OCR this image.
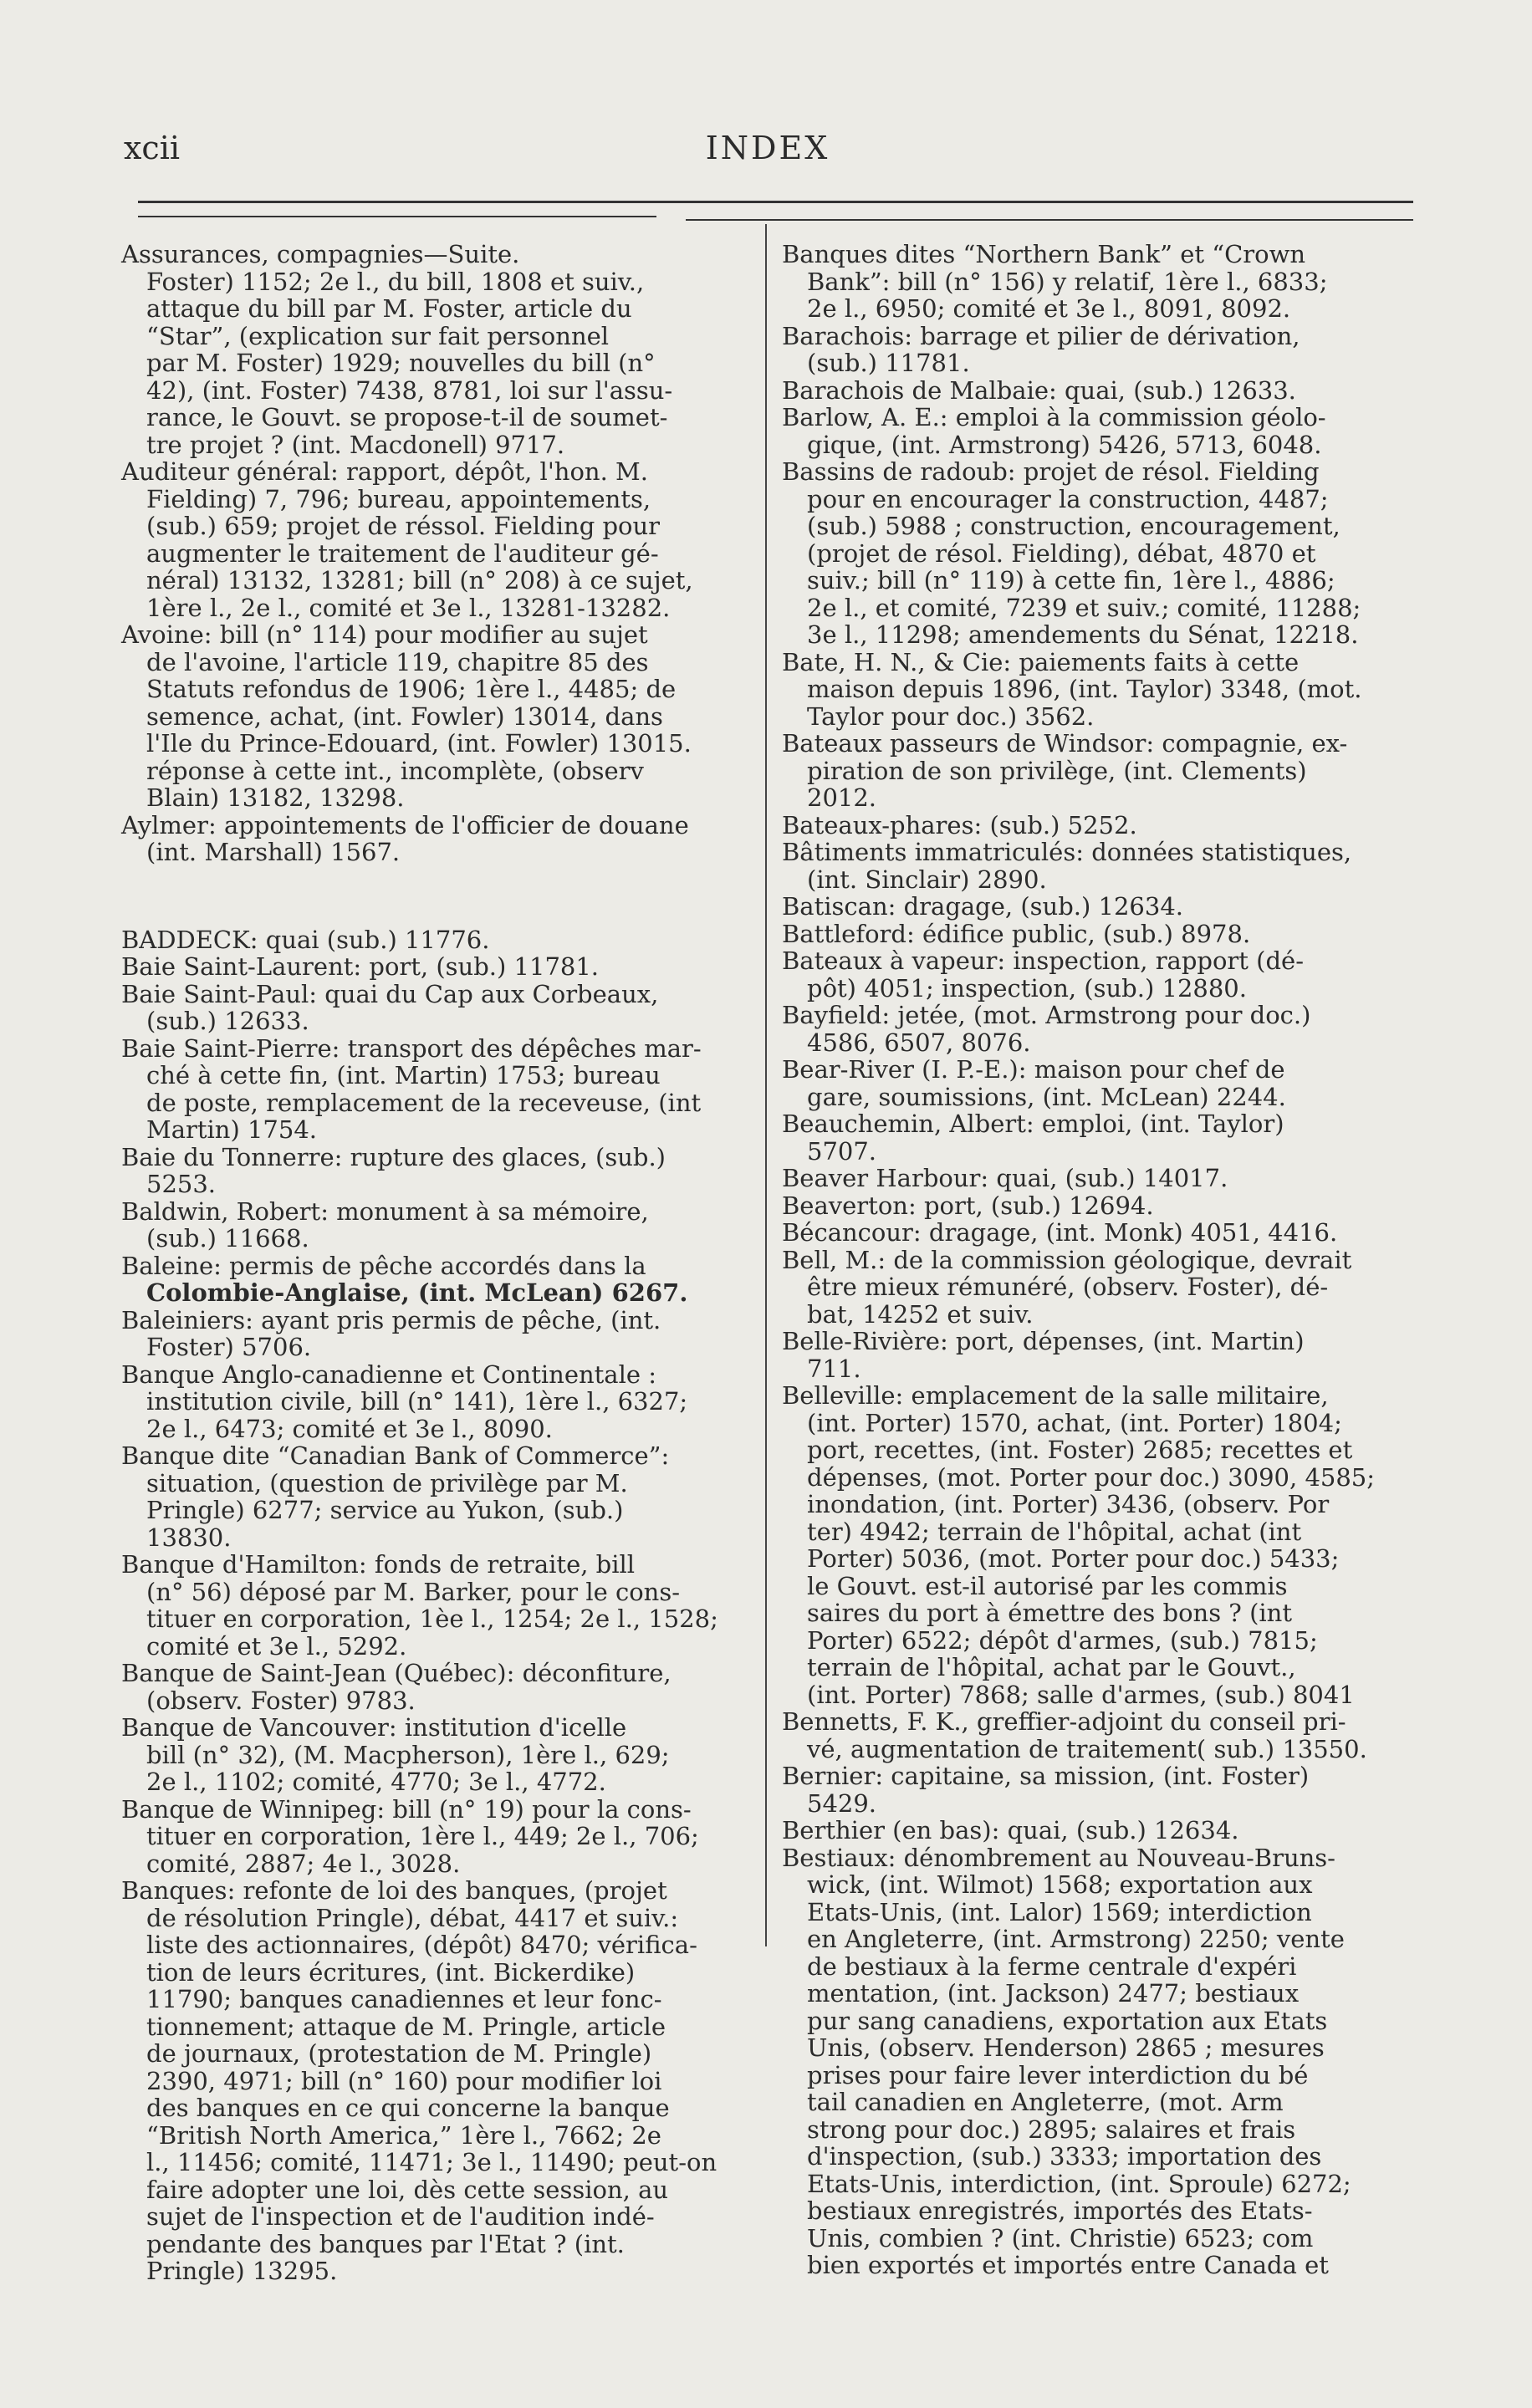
xcii	INDEX
Assurances, compagnies—Suite.
Foster) 1152; 2e l., du bill, 1808 et suiv.,
attaque du bill par M. Foster, article du
“Star”, (explication sur fait personnel
par M. Foster) 1929; nouvelles du bill (n°
42), (int. Foster) 7438, 8781, loi sur l'assu-
rance, le Gouvt. se propose-t-il de soumet-
tre projet ? (int. Macdonell) 9717.
Auditeur général: rapport, dépôt, l'hon. M.
Fielding) 7, 796; bureau, appointements,
(sub.) 659; projet de réssol. Fielding pour
augmenter le traitement de l'auditeur gé-
néral) 13132, 13281; bill (n° 208) à ce sujet,
1ère l., 2e l., comité et 3e l., 13281-13282.
Avoine: bill (n° 114) pour modifier au sujet
de l'avoine, l'article 119, chapitre 85 des
Statuts refondus de 1906; 1ère l., 4485; de
semence, achat, (int. Fowler) 13014, dans
l'Ile du Prince-Edouard, (int. Fowler) 13015.
réponse à cette int., incomplète, (observ
Blain) 13182, 13298.
Aylmer: appointements de l'officier de douane
(int. Marshall) 1567.
BADDECK: quai (sub.) 11776.
Baie Saint-Laurent: port, (sub.) 11781.
Baie Saint-Paul: quai du Cap aux Corbeaux,
(sub.) 12633.
Baie Saint-Pierre: transport des dépêches mar-
ché à cette fin, (int. Martin) 1753; bureau
de poste, remplacement de la receveuse, (int
Martin) 1754.
Baie du Tonnerre: rupture des glaces, (sub.)
5253.
Baldwin, Robert: monument à sa mémoire,
(sub.) 11668.
Baleine: permis de pêche accordés dans la
Colombie-Anglaise, (int. McLean) 6267.
Baleiniers: ayant pris permis de pêche, (int.
Foster) 5706.
Banque Anglo-canadienne et Continentale :
institution civile, bill (n° 141), 1ère l., 6327;
2e l., 6473; comité et 3e l., 8090.
Banque dite “Canadian Bank of Commerce”:
situation, (question de privilège par M.
Pringle) 6277; service au Yukon, (sub.)
13830.
Banque d'Hamilton: fonds de retraite, bill
(n° 56) déposé par M. Barker, pour le cons-
tituer en corporation, 1èe l., 1254; 2e l., 1528;
comité et 3e l., 5292.
Banque de Saint-Jean (Québec): déconfiture,
(observ. Foster) 9783.
Banque de Vancouver: institution d'icelle
bill (n° 32), (M. Macpherson), 1ère l., 629;
2e l., 1102; comité, 4770; 3e l., 4772.
Banque de Winnipeg: bill (n° 19) pour la cons-
tituer en corporation, 1ère l., 449; 2e l., 706;
comité, 2887; 4e l., 3028.
Banques: refonte de loi des banques, (projet
de résolution Pringle), débat, 4417 et suiv.:
liste des actionnaires, (dépôt) 8470; vérifica-
tion de leurs écritures, (int. Bickerdike)
11790; banques canadiennes et leur fonc-
tionnement; attaque de M. Pringle, article
de journaux, (protestation de M. Pringle)
2390, 4971; bill (n° 160) pour modifier loi
des banques en ce qui concerne la banque
“British North America,” 1ère l., 7662; 2e
l., 11456; comité, 11471; 3e l., 11490; peut-on
faire adopter une loi, dès cette session, au
sujet de l'inspection et de l'audition indé-
pendante des banques par l'Etat ? (int.
Pringle) 13295.
Banques dites “Northern Bank” et “Crown
Bank”: bill (n° 156) y relatif, 1ère l., 6833;
2e l., 6950; comité et 3e l., 8091, 8092.
Barachois: barrage et pilier de dérivation,
(sub.) 11781.
Barachois de Malbaie: quai, (sub.) 12633.
Barlow, A. E.: emploi à la commission géolo-
gique, (int. Armstrong) 5426, 5713, 6048.
Bassins de radoub: projet de résol. Fielding
pour en encourager la construction, 4487;
(sub.) 5988 ; construction, encouragement,
(projet de résol. Fielding), débat, 4870 et
suiv.; bill (n° 119) à cette fin, 1ère l., 4886;
2e l., et comité, 7239 et suiv.; comité, 11288;
3e l., 11298; amendements du Sénat, 12218.
Bate, H. N., & Cie: paiements faits à cette
maison depuis 1896, (int. Taylor) 3348, (mot.
Taylor pour doc.) 3562.
Bateaux passeurs de Windsor: compagnie, ex-
piration de son privilège, (int. Clements)
2012.
Bateaux-phares: (sub.) 5252.
Bâtiments immatriculés: données statistiques,
(int. Sinclair) 2890.
Batiscan: dragage, (sub.) 12634.
Battleford: édifice public, (sub.) 8978.
Bateaux à vapeur: inspection, rapport (dé-
pôt) 4051; inspection, (sub.) 12880.
Bayfield: jetée, (mot. Armstrong pour doc.)
4586, 6507, 8076.
Bear-River (I. P.-E.): maison pour chef de
gare, soumissions, (int. McLean) 2244.
Beauchemin, Albert: emploi, (int. Taylor)
5707.
Beaver Harbour: quai, (sub.) 14017.
Beaverton: port, (sub.) 12694.
Bécancour: dragage, (int. Monk) 4051, 4416.
Bell, M.: de la commission géologique, devrait
être mieux rémunéré, (observ. Foster), dé-
bat, 14252 et suiv.
Belle-Rivière: port, dépenses, (int. Martin)
711.
Belleville: emplacement de la salle militaire,
(int. Porter) 1570, achat, (int. Porter) 1804;
port, recettes, (int. Foster) 2685; recettes et
dépenses, (mot. Porter pour doc.) 3090, 4585;
inondation, (int. Porter) 3436, (observ. Por
ter) 4942; terrain de l'hôpital, achat (int
Porter) 5036, (mot. Porter pour doc.) 5433;
le Gouvt. est-il autorisé par les commis
saires du port à émettre des bons ? (int
Porter) 6522; dépôt d'armes, (sub.) 7815;
terrain de l'hôpital, achat par le Gouvt.,
(int. Porter) 7868; salle d'armes, (sub.) 8041
Bennetts, F. K., greffier-adjoint du conseil pri-
vé, augmentation de traitement( sub.) 13550.
Bernier: capitaine, sa mission, (int. Foster)
5429.
Berthier (en bas): quai, (sub.) 12634.
Bestiaux: dénombrement au Nouveau-Bruns-
wick, (int. Wilmot) 1568; exportation aux
Etats-Unis, (int. Lalor) 1569; interdiction
en Angleterre, (int. Armstrong) 2250; vente
de bestiaux à la ferme centrale d'expéri
mentation, (int. Jackson) 2477; bestiaux
pur sang canadiens, exportation aux Etats
Unis, (observ. Henderson) 2865 ; mesures
prises pour faire lever interdiction du bé
tail canadien en Angleterre, (mot. Arm
strong pour doc.) 2895; salaires et frais
d'inspection, (sub.) 3333; importation des
Etats-Unis, interdiction, (int. Sproule) 6272;
bestiaux enregistrés, importés des Etats-
Unis, combien ? (int. Christie) 6523; com
bien exportés et importés entre Canada et
